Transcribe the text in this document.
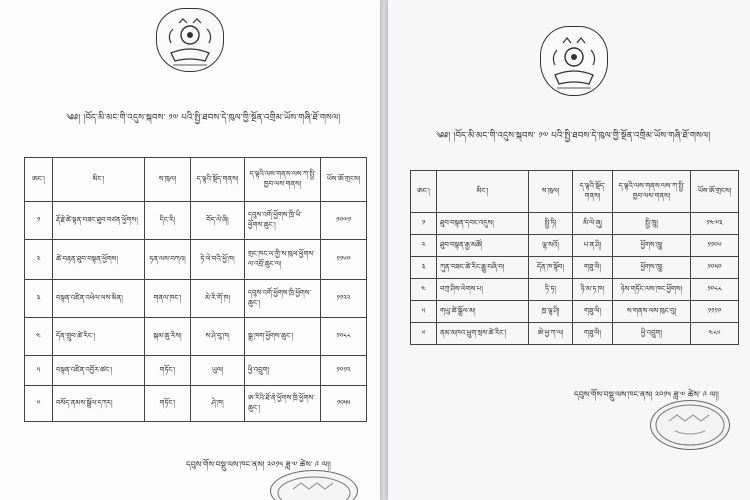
༄༅། །བོད་མི་མང་གི་འདུས་སྐབས་ ༡༧ པའི་སྤྱི་ཐབས་དེ་ཁུལ་གྱི་སྔོན་འགྲིམ་ཡོས་གཞི་ཐོ་གསལ།
ཨང་།	མིང་།	ས་ཁུལ།	ད་ལྟའི་སྡོད་གནས།	ད་ལྟའི་ལས་གནས་ལས་ཀ་སྤྱི་ཁྱབ་ལས་གནས།	ཡོས་ཨོ་གྲངས།
༡	རྡོ་རྗེ་ཚེ་སྟན་བཟང་ཐུབ་བཙན་ཕྱོགས།	དིང་རི།	བོད་ལེ་ཞི།	དབུས་འགོ་ཕྱོགས་ཁྲི་ཡི་ཕྱོགས་ཆུང་།	༡༠༧༡
༢	ཚེ་བརྟན་ཐུབ་བསྟན་ཕྱོགས།	ཏན་ལས་བཀའ།	ཏེ་ལེ་བའི་ཕྱོ་ཁ།	གྲང་ཁང་ལ་གྱི་ས་ཁུལ་ཕྱོགས་ལ་འབྲོ་ཆུང་ལ།	༡༡༦༠
༣	བསྟན་འཛིན་འཕེལ་ལས་མིན།	གནལ་ཁང་།	མེ་རི་གོ་ཁ།	དབུས་འགོ་ཕྱོགས་ཁྲི་ཕྱོགས་ཆུང་།	༡༡༢༢
༤	དོན་གྲུབ་ཚེ་རིང་།	སྐམ་ཆུ་རིས།	ས་ཤེ་བུ་ཁ།	སྒྲ་ཁག་ཕྱོགས་ཆུང་།	༡༠༨༨
༥	བསྟན་འཛིན་འབྱོར་ཚང་།	གཏོང་།	ཡུལ།	ཕྱི་འབྲུག།	༡༠༡༢
༦	བསོད་ནམས་སྒྲོལ་དཀར།	གཏོང་།	ཤེ་ཁ།	ཨ་རིའི་ཐོ་ནེ་ཕྱོགས་ཁྲི་ཕྱོགས་ཆུང་།	༡༠༥༥
དབུས་གོས་བསྡུ་ལས་ཁང་ནས། ༢༠༡༥ ཟླ་༧ ཚེས་ ༩ ལ།།
༄༅། །བོད་མི་མང་གི་འདུས་སྐབས་ ༡༧ པའི་སྤྱི་ཐབས་དེ་ཁུལ་གྱི་སྔོན་འགྲིམ་ཡོས་གཞི་ཐོ་གསལ།
ཨང་།	མིང་།	ས་ཁུལ།	ད་ལྟའི་སྡོད་གནས།	ད་ལྟའི་ལས་གནས་ལས་ཀ་སྤྱི་ཁྱབ་ལས་གནས།	ཡོས་ཨོ་གྲངས།
༡	ཐུབ་བསྟན་དབང་འདུས།	སྤྱི་ཏི།	མི་ལེ་ཞུ།	སྤྱི་ཁྲུ།	༡༤༧༣
༢	ཐུབ་བསྟན་རྒྱ་མཚོ།	ལྷ་སའོ།	པ་ན་ཤི།	ཕྱོགས་ཁྲུ།	༡༡༠༦
༣	ཀུན་བཟང་ཚེ་རིང་རྒྱུ་བཞི་བ།	དོན་ཁ་སྟོབ།	གཟུ་ལི།	ཕྱོགས་ཁྲུ།	༡༠༥༠
༤	བཀྲ་ཤིས་ལེགས་པ།	ཏི་ཏ།	ཉི་མ་ཏ་ཁ།	ཉེས་གཏོང་ལས་ཁང་ཕྱོགས།	༡༠༨༨
༥	གཡུ་ཚེ་སྒྲོལ་མ།	ཁྲ་ལྷ་ཤི།	གཟུ་ལི།	ས་གནས་ལས་ཁུང་བུ།	༡༡༡༩
༦	ནམ་མཁའ་ཕྲུག་སྲས་ཚེ་རིང་།	ཨེ་ཕྱ་ཀ་ལ།	གཟུ་ལི།	ཕྱི་འབྲུག།	༤༨༦
དབུས་གོས་བསྡུ་ལས་ཁང་ནས། ༢༠༡༥ ཟླ་༧ ཚེས་ ༩ ལ།།
